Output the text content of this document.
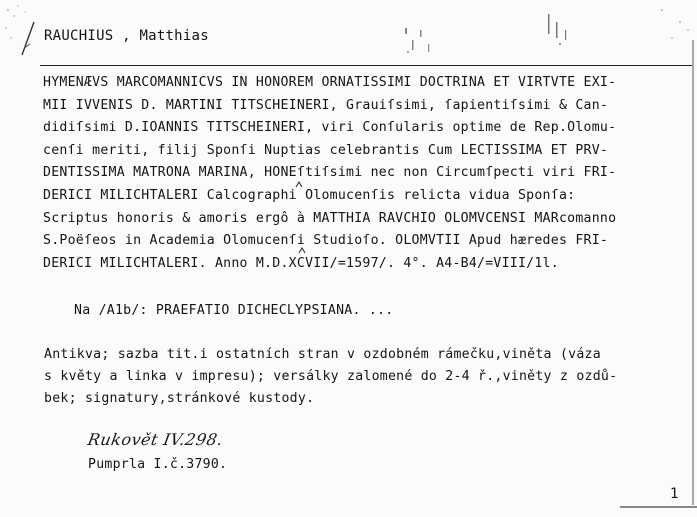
RAUCHIUS , Matthias
HYMENÆVS MARCOMANNICVS IN HONOREM ORNATISSIMI DOCTRINA ET VIRTVTE EXI-
MII IVVENIS D. MARTINI TITSCHEINERI, Grauiſsimi, ſapientiſsimi & Can-
didiſsimi D.IOANNIS TITSCHEINERI, viri Conſularis optime de Rep.Olomu-
cenſi meriti, filij Sponſi Nuptias celebrantis Cum LECTISSIMA ET PRV-
DENTISSIMA MATRONA MARINA, HONEſtiſsimi nec non Circumſpecti viri FRI-
DERICI MILICHTALERI Calcographi Olomucenſis relicta vidua Sponſa:
Scriptus honoris & amoris ergô à MATTHIA RAVCHIO OLOMVCENSI MARcomanno
S.Poëſeos in Academia Olomucenſi Studioſo. OLOMVTII Apud hæredes FRI-
DERICI MILICHTALERI. Anno M.D.XCVII/=1597/. 4°. A4-B4/=VIII/1l.
Na /A1b/: PRAEFATIO DICHECLYPSIANA. ...
Antikva; sazba tit.i ostatních stran v ozdobném rámečku,viněta (váza
s květy a linka v impresu); versálky zalomené do 2-4 ř.,viněty z ozdů-
bek; signatury,stránkové kustody.
Rukovět IV.298.
Pumprla I.č.3790.
1
